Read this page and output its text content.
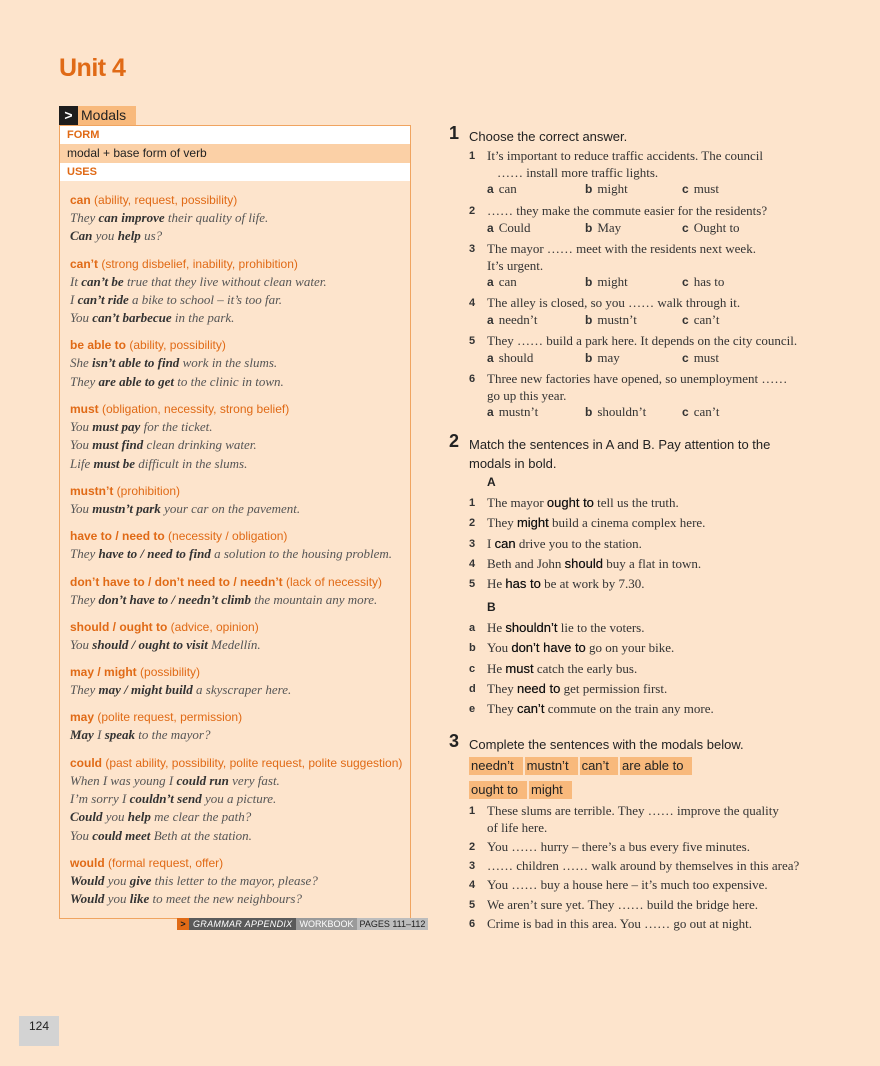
Unit 4
> Modals
FORM
modal + base form of verb
USES
can (ability, request, possibility)
They can improve their quality of life.
Can you help us?
can’t (strong disbelief, inability, prohibition)
It can’t be true that they live without clean water.
I can’t ride a bike to school – it’s too far.
You can’t barbecue in the park.
be able to (ability, possibility)
She isn’t able to find work in the slums.
They are able to get to the clinic in town.
must (obligation, necessity, strong belief)
You must pay for the ticket.
You must find clean drinking water.
Life must be difficult in the slums.
mustn’t (prohibition)
You mustn’t park your car on the pavement.
have to / need to (necessity / obligation)
They have to / need to find a solution to the housing problem.
don’t have to / don’t need to / needn’t (lack of necessity)
They don’t have to / needn’t climb the mountain any more.
should / ought to (advice, opinion)
You should / ought to visit Medellín.
may / might (possibility)
They may / might build a skyscraper here.
may (polite request, permission)
May I speak to the mayor?
could (past ability, possibility, polite request, polite suggestion)
When I was young I could run very fast.
I’m sorry I couldn’t send you a picture.
Could you help me clear the path?
You could meet Beth at the station.
would (formal request, offer)
Would you give this letter to the mayor, please?
Would you like to meet the new neighbours?
> GRAMMAR APPENDIX WORKBOOK PAGES 111–112
1 Choose the correct answer.
1 It’s important to reduce traffic accidents. The council
…… install more traffic lights.
a can	b might	c must
2 …… they make the commute easier for the residents?
a Could	b May	c Ought to
3 The mayor …… meet with the residents next week.
It’s urgent.
a can	b might	c has to
4 The alley is closed, so you …… walk through it.
a needn’t	b mustn’t	c can’t
5 They …… build a park here. It depends on the city council.
a should	b may	c must
6 Three new factories have opened, so unemployment ……
go up this year.
a mustn’t	b shouldn’t	c can’t
2 Match the sentences in A and B. Pay attention to the modals in bold.
A
B
1 The mayor ought to tell us the truth.
2 They might build a cinema complex here.
3 I can drive you to the station.
4 Beth and John should buy a flat in town.
5 He has to be at work by 7.30.
a He shouldn’t lie to the voters.
b You don’t have to go on your bike.
c He must catch the early bus.
d They need to get permission first.
e They can’t commute on the train any more.
3 Complete the sentences with the modals below.
needn’t	mustn’t	can’t	are able to
ought to	might
1 These slums are terrible. They …… improve the quality
of life here.
2 You …… hurry – there’s a bus every five minutes.
3 …… children …… walk around by themselves in this area?
4 You …… buy a house here – it’s much too expensive.
5 We aren’t sure yet. They …… build the bridge here.
6 Crime is bad in this area. You …… go out at night.
124
